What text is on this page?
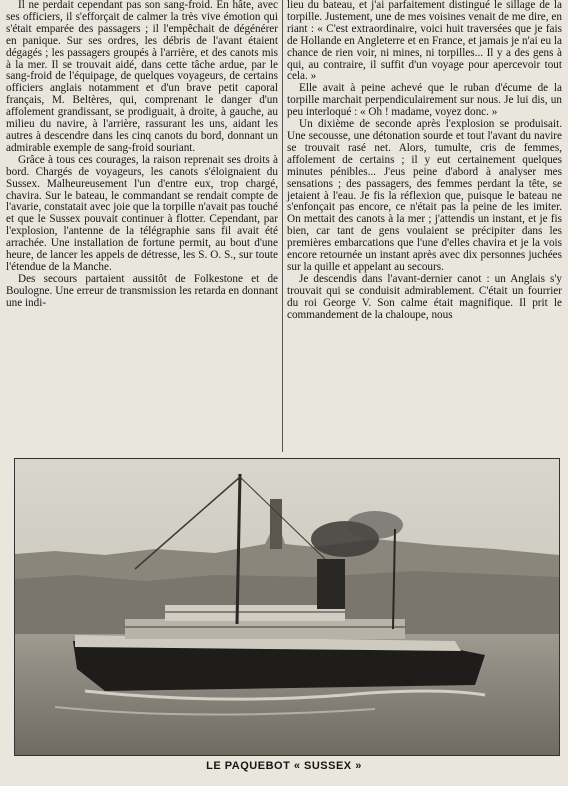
Il ne perdait cependant pas son sang-froid. En hâte, avec ses officiers, il s'efforçait de calmer la très vive émotion qui s'était emparée des passagers ; il l'empêchait de dégénérer en panique. Sur ses ordres, les débris de l'avant étaient dégagés ; les passagers groupés à l'arrière, et des canots mis à la mer. Il se trouvait aidé, dans cette tâche ardue, par le sang-froid de l'équipage, de quelques voyageurs, de certains officiers anglais notamment et d'un brave petit caporal français, M. Beltères, qui, comprenant le danger d'un affolement grandissant, se prodiguait, à droite, à gauche, au milieu du navire, à l'arrière, rassurant les uns, aidant les autres à descendre dans les cinq canots du bord, donnant un admirable exemple de sang-froid souriant.

Grâce à tous ces courages, la raison reprenait ses droits à bord. Chargés de voyageurs, les canots s'éloignaient du Sussex. Malheureusement l'un d'entre eux, trop chargé, chavira. Sur le bateau, le commandant se rendait compte de l'avarie, constatait avec joie que la torpille n'avait pas touché et que le Sussex pouvait continuer à flotter. Cependant, par l'explosion, l'antenne de la télégraphie sans fil avait été arrachée. Une installation de fortune permit, au bout d'une heure, de lancer les appels de détresse, les S. O. S., sur toute l'étendue de la Manche.

Des secours partaient aussitôt de Folkestone et de Boulogne. Une erreur de transmission les retarda en donnant une indi-

lieu du bateau, et j'ai parfaitement distingué le sillage de la torpille. Justement, une de mes voisines venait de me dire, en riant : « C'est extraordinaire, voici huit traversées que je fais de Hollande en Angleterre et en France, et jamais je n'ai eu la chance de rien voir, ni mines, ni torpilles... Il y a des gens à qui, au contraire, il suffit d'un voyage pour apercevoir tout cela. »

Elle avait à peine achevé que le ruban d'écume de la torpille marchait perpendiculairement sur nous. Je lui dis, un peu interloqué : « Oh ! madame, voyez donc. »

Un dixième de seconde après l'explosion se produisait. Une secousse, une détonation sourde et tout l'avant du navire se trouvait rasé net. Alors, tumulte, cris de femmes, affolement de certains ; il y eut certainement quelques minutes pénibles... J'eus peine d'abord à analyser mes sensations ; des passagers, des femmes perdant la tête, se jetaient à l'eau. Je fis la réflexion que, puisque le bateau ne s'enfonçait pas encore, ce n'était pas la peine de les imiter. On mettait des canots à la mer ; j'attendis un instant, et je fis bien, car tant de gens voulaient se précipiter dans les premières embarcations que l'une d'elles chavira et je la vois encore retournée un instant après avec dix personnes juchées sur la quille et appelant au secours.

Je descendis dans l'avant-dernier canot : un Anglais s'y trouvait qui se conduisit admirablement. C'était un fourrier du roi George V. Son calme était magnifique. Il prit le commandement de la chaloupe, nous

LE PAQUEBOT « SUSSEX »
